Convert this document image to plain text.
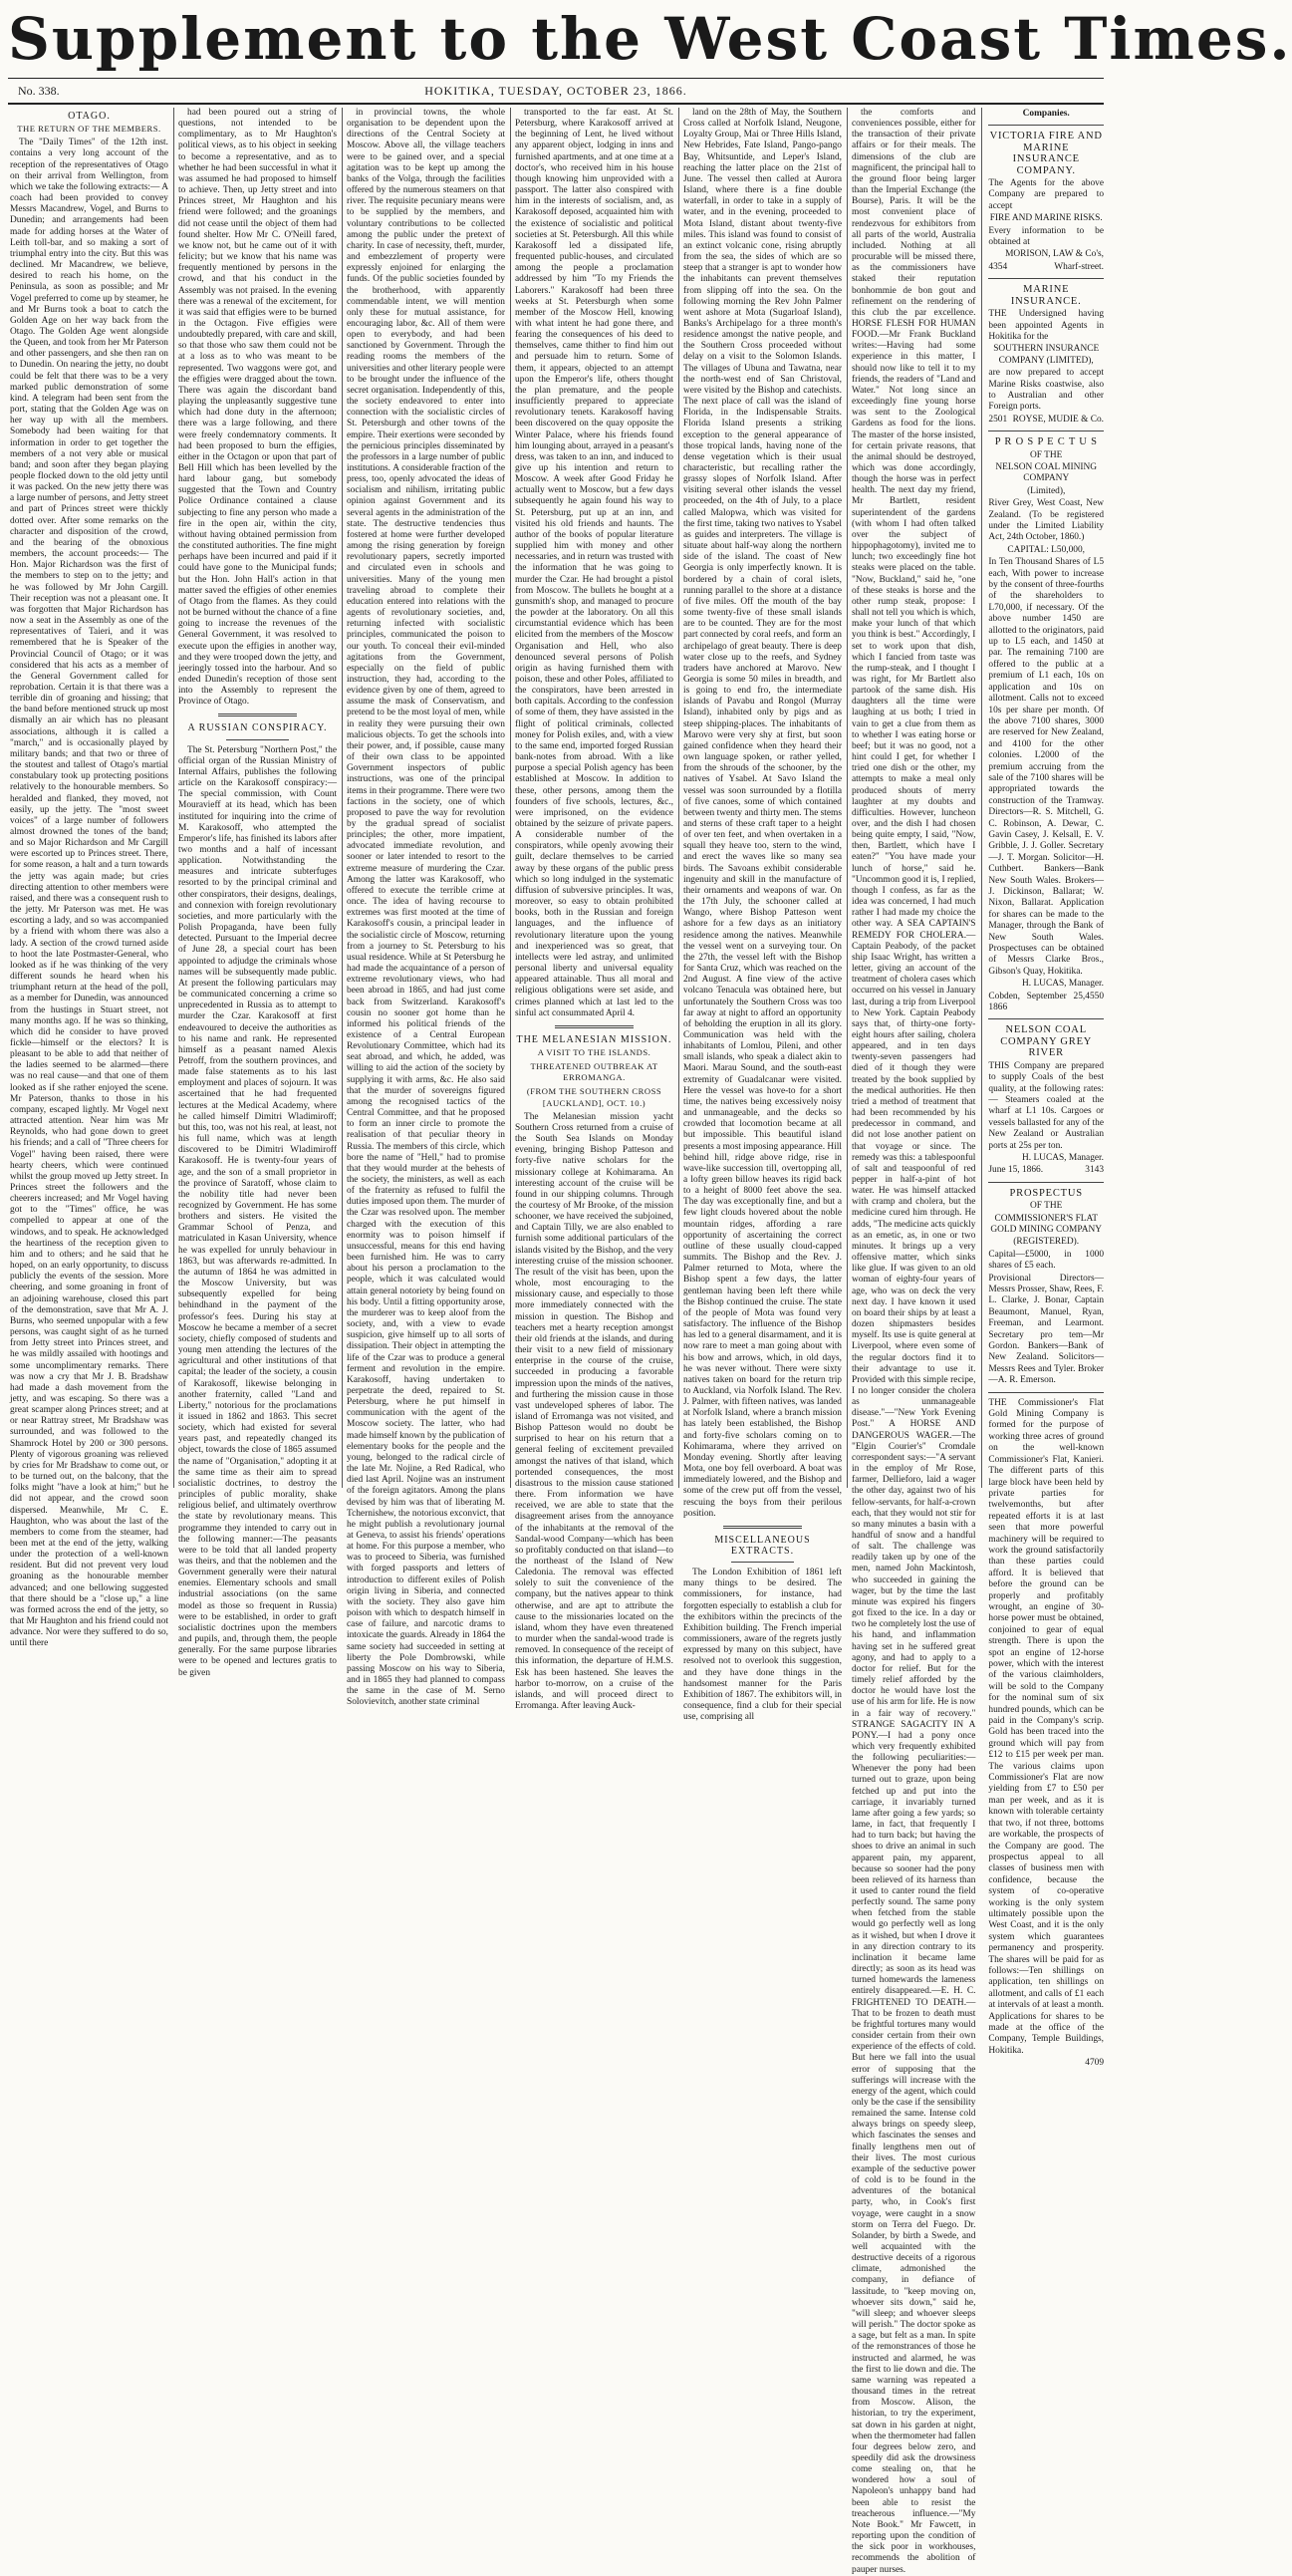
Supplement to the West Coast Times.
No. 338.	HOKITIKA, TUESDAY, OCTOBER 23, 1866.
OTAGO.
THE RETURN OF THE MEMBERS.

The "Daily Times" of the 12th inst. contains a very long account of the reception of the representatives of Otago on their arrival from Wellington, from which we take the following extracts:— A coach had been provided to convey Messrs Macandrew, Vogel, and Burns to Dunedin; and arrangements had been made for adding horses at the Water of Leith toll-bar, and so making a sort of triumphal entry into the city. But this was declined. Mr Macandrew, we believe, desired to reach his home, on the Peninsula, as soon as possible; and Mr Vogel preferred to come up by steamer, he and Mr Burns took a boat to catch the Golden Age on her way back from the Otago. The Golden Age went alongside the Queen, and took from her Mr Paterson and other passengers, and she then ran on to Dunedin. On nearing the jetty, no doubt could be felt that there was to be a very marked public demonstration of some kind. A telegram had been sent from the port, stating that the Golden Age was on her way up with all the members. Somebody had been waiting for that information in order to get together the members of a not very able or musical band; and soon after they began playing people flocked down to the old jetty until it was packed. On the new jetty there was a large number of persons, and Jetty street and part of Princes street were thickly dotted over. After some remarks on the character and disposition of the crowd, and the bearing of the obnoxious members, the account proceeds:— The Hon. Major Richardson was the first of the members to step on to the jetty; and he was followed by Mr John Cargill. Their reception was not a pleasant one. It was forgotten that Major Richardson has now a seat in the Assembly as one of the representatives of Taieri, and it was remembered that he is Speaker of the Provincial Council of Otago; or it was considered that his acts as a member of the General Government called for reprobation. Certain it is that there was a terrible din of groaning and hissing; that the band before mentioned struck up most dismally an air which has no pleasant associations, although it is called a "march," and is occasionally played by military bands; and that two or three of the stoutest and tallest of Otago's martial constabulary took up protecting positions relatively to the honourable members. So heralded and flanked, they moved, not easily, up the jetty. The "most sweet voices" of a large number of followers almost drowned the tones of the band; and so Major Richardson and Mr Cargill were escorted up to Princes street. There, for some reason, a halt and a turn towards the jetty was again made; but cries directing attention to other members were raised, and there was a consequent rush to the jetty. Mr Paterson was met. He was escorting a lady, and so was accompanied by a friend with whom there was also a lady. A section of the crowd turned aside to hoot the late Postmaster-General, who looked as if he was thinking of the very different sounds he heard when his triumphant return at the head of the poll, as a member for Dunedin, was announced from the hustings in Stuart street, not many months ago. If he was so thinking, which did he consider to have proved fickle—himself or the electors? It is pleasant to be able to add that neither of the ladies seemed to be alarmed—there was no real cause—and that one of them looked as if she rather enjoyed the scene. Mr Paterson, thanks to those in his company, escaped lightly. Mr Vogel next attracted attention. Near him was Mr Reynolds, who had gone down to greet his friends; and a call of "Three cheers for Vogel" having been raised, there were hearty cheers, which were continued whilst the group moved up Jetty street. In Princes street the followers and the cheerers increased; and Mr Vogel having got to the "Times" office, he was compelled to appear at one of the windows, and to speak. He acknowledged the heartiness of the reception given to him and to others; and he said that he hoped, on an early opportunity, to discuss publicly the events of the session. More cheering, and some groaning in front of an adjoining warehouse, closed this part of the demonstration, save that Mr A. J. Burns, who seemed unpopular with a few persons, was caught sight of as he turned from Jetty street into Princes street, and he was mildly assailed with hootings and some uncomplimentary remarks. There was now a cry that Mr J. B. Bradshaw had made a dash movement from the jetty, and was escaping. So there was a great scamper along Princes street; and at or near Rattray street, Mr Bradshaw was surrounded, and was followed to the Shamrock Hotel by 200 or 300 persons. Plenty of vigorous groaning was relieved by cries for Mr Bradshaw to come out, or to be turned out, on the balcony, that the folks might "have a look at him;" but he did not appear, and the crowd soon dispersed. Meanwhile, Mr C. E. Haughton, who was about the last of the members to come from the steamer, had been met at the end of the jetty, walking under the protection of a well-known resident. But did not prevent very loud groaning as the honourable member advanced; and one bellowing suggested that there should be a "close up," a line was formed across the end of the jetty, so that Mr Haughton and his friend could not advance. Nor were they suffered to do so, until there

had been poured out a string of questions, not intended to be complimentary, as to Mr Haughton's political views, as to his object in seeking to become a representative, and as to whether he had been successful in what it was assumed he had proposed to himself to achieve. Then, up Jetty street and into Princes street, Mr Haughton and his friend were followed; and the groanings did not cease until the object of them had found shelter. How Mr C. O'Neill fared, we know not, but he came out of it with felicity; but we know that his name was frequently mentioned by persons in the crowd, and that his conduct in the Assembly was not praised. In the evening there was a renewal of the excitement, for it was said that effigies were to be burned in the Octagon. Five effigies were undoubtedly prepared, with care and skill, so that those who saw them could not be at a loss as to who was meant to be represented. Two waggons were got, and the effigies were dragged about the town. There was again the discordant band playing the unpleasantly suggestive tune which had done duty in the afternoon; there was a large following, and there were freely condemnatory comments. It had been proposed to burn the effigies, either in the Octagon or upon that part of Bell Hill which has been levelled by the hard labour gang, but somebody suggested that the Town and Country Police Ordinance contained a clause subjecting to fine any person who made a fire in the open air, within the city, without having obtained permission from the constituted authorities. The fine might perhaps have been incurred and paid if it could have gone to the Municipal funds; but the Hon. John Hall's action in that matter saved the effigies of other enemies of Otago from the flames. As they could not be burned without the chance of a fine going to increase the revenues of the General Government, it was resolved to execute upon the effigies in another way, and they were trooped down the jetty, and jeeringly tossed into the harbour. And so ended Dunedin's reception of those sent into the Assembly to represent the Province of Otago.

A RUSSIAN CONSPIRACY.

The St. Petersburg "Northern Post," the official organ of the Russian Ministry of Internal Affairs, publishes the following article on the Karakosoff conspiracy:— The special commission, with Count Mouravieff at its head, which has been instituted for inquiring into the crime of M. Karakosoff, who attempted the Emperor's life, has finished its labors after two months and a half of incessant application. Notwithstanding the measures and intricate subterfuges resorted to by the principal criminal and other conspirators, their designs, dealings, and connexion with foreign revolutionary societies, and more particularly with the Polish Propaganda, have been fully detected. Pursuant to the Imperial decree of June 28, a special court has been appointed to adjudge the criminals whose names will be subsequently made public. At present the following particulars may be communicated concerning a crime so unprecedented in Russia as to attempt to murder the Czar. Karakosoff at first endeavoured to deceive the authorities as to his name and rank. He represented himself as a peasant named Alexis Petroff, from the southern provinces, and made false statements as to his last employment and places of sojourn. It was ascertained that he had frequented lectures at the Medical Academy, where he called himself Dimitri Wladimiroff; but this, too, was not his real, at least, not his full name, which was at length discovered to be Dimitri Wladimiroff Karakosoff. He is twenty-four years of age, and the son of a small proprietor in the province of Saratoff, whose claim to the nobility title had never been recognized by Government. He has some brothers and sisters. He visited the Grammar School of Penza, and matriculated in Kasan University, whence he was expelled for unruly behaviour in 1863, but was afterwards re-admitted. In the autumn of 1864 he was admitted in the Moscow University, but was subsequently expelled for being behindhand in the payment of the professor's fees. During his stay at Moscow he became a member of a secret society, chiefly composed of students and young men attending the lectures of the agricultural and other institutions of that capital; the leader of the society, a cousin of Karakosoff, likewise belonging in another fraternity, called "Land and Liberty," notorious for the proclamations it issued in 1862 and 1863. This secret society, which had existed for several years past, and repeatedly changed its object, towards the close of 1865 assumed the name of "Organisation," adopting it at the same time as their aim to spread socialistic doctrines, to destroy the principles of public morality, shake religious belief, and ultimately overthrow the state by revolutionary means. This programme they intended to carry out in the following manner:—The peasants were to be told that all landed property was theirs, and that the noblemen and the Government generally were their natural enemies. Elementary schools and small industrial associations (on the same model as those so frequent in Russia) were to be established, in order to graft socialistic doctrines upon the members and pupils, and, through them, the people generally. For the same purpose libraries were to be opened and lectures gratis to be given

in provincial towns, the whole organisation to be dependent upon the directions of the Central Society at Moscow. Above all, the village teachers were to be gained over, and a special agitation was to be kept up among the banks of the Volga, through the facilities offered by the numerous steamers on that river. The requisite pecuniary means were to be supplied by the members, and voluntary contributions to be collected among the public under the pretext of charity. In case of necessity, theft, murder, and embezzlement of property were expressly enjoined for enlarging the funds. Of the public societies founded by the brotherhood, with apparently commendable intent, we will mention only these for mutual assistance, for encouraging labor, &c. All of them were open to everybody, and had been sanctioned by Government. Through the reading rooms the members of the universities and other literary people were to be brought under the influence of the secret organisation. Independently of this, the society endeavored to enter into connection with the socialistic circles of St. Petersburgh and other towns of the empire. Their exertions were seconded by the pernicious principles disseminated by the professors in a large number of public institutions. A considerable fraction of the press, too, openly advocated the ideas of socialism and nihilism, irritating public opinion against Government and its several agents in the administration of the state. The destructive tendencies thus fostered at home were further developed among the rising generation by foreign revolutionary papers, secretly imported and circulated even in schools and universities. Many of the young men traveling abroad to complete their education entered into relations with the agents of revolutionary societies, and, returning infected with socialistic principles, communicated the poison to our youth. To conceal their evil-minded agitations from the Government, especially on the field of public instruction, they had, according to the evidence given by one of them, agreed to assume the mask of Conservatism, and pretend to be the most loyal of men, while in reality they were pursuing their own malicious objects. To get the schools into their power, and, if possible, cause many of their own class to be appointed Government inspectors of public instructions, was one of the principal items in their programme. There were two factions in the society, one of which proposed to pave the way for revolution by the gradual spread of socialist principles; the other, more impatient, advocated immediate revolution, and sooner or later intended to resort to the extreme measure of murdering the Czar. Among the latter was Karakosoff, who offered to execute the terrible crime at once. The idea of having recourse to extremes was first mooted at the time of Karakosoff's cousin, a principal leader in the socialistic circle of Moscow, returning from a journey to St. Petersburg to his usual residence. While at St Petersburg he had made the acquaintance of a person of extreme revolutionary views, who had been abroad in 1865, and had just come back from Switzerland. Karakosoff's cousin no sooner got home than he informed his political friends of the existence of a Central European Revolutionary Committee, which had its seat abroad, and which, he added, was willing to aid the action of the society by supplying it with arms, &c. He also said that the murder of sovereigns figured among the recognised tactics of the Central Committee, and that he proposed to form an inner circle to promote the realisation of that peculiar theory in Russia. The members of this circle, which bore the name of "Hell," had to promise that they would murder at the behests of the society, the ministers, as well as each of the fraternity as refused to fulfil the duties imposed upon them. The murder of the Czar was resolved upon. The member charged with the execution of this enormity was to poison himself if unsuccessful, means for this end having been furnished him. He was to carry about his person a proclamation to the people, which it was calculated would attain general notoriety by being found on his body. Until a fitting opportunity arose, the murderer was to keep aloof from the society, and, with a view to evade suspicion, give himself up to all sorts of dissipation. Their object in attempting the life of the Czar was to produce a general ferment and revolution in the empire. Karakosoff, having undertaken to perpetrate the deed, repaired to St. Petersburg, where he put himself in communication with the agent of the Moscow society. The latter, who had made himself known by the publication of elementary books for the people and the young, belonged to the radical circle of the late Mr. Nojine, a Red Radical, who died last April. Nojine was an instrument of the foreign agitators. Among the plans devised by him was that of liberating M. Tchernishew, the notorious exconvict, that he might publish a revolutionary journal at Geneva, to assist his friends' operations at home. For this purpose a member, who was to proceed to Siberia, was furnished with forged passports and letters of introduction to different exiles of Polish origin living in Siberia, and connected with the society. They also gave him poison with which to despatch himself in case of failure, and narcotic drams to intoxicate the guards. Already in 1864 the same society had succeeded in setting at liberty the Pole Dombrowski, while passing Moscow on his way to Siberia, and in 1865 they had planned to compass the same in the case of M. Serno Solovievitch, another state criminal

transported to the far east. At St. Petersburg, where Karakosoff arrived at the beginning of Lent, he lived without any apparent object, lodging in inns and furnished apartments, and at one time at a doctor's, who received him in his house though knowing him unprovided with a passport. The latter also conspired with him in the interests of socialism, and, as Karakosoff deposed, acquainted him with the existence of socialistic and political societies at St. Petersburgh. All this while Karakosoff led a dissipated life, frequented public-houses, and circulated among the people a proclamation addressed by him "To my Friends the Laborers." Karakosoff had been three weeks at St. Petersburgh when some member of the Moscow Hell, knowing with what intent he had gone there, and fearing the consequences of his deed to themselves, came thither to find him out and persuade him to return. Some of them, it appears, objected to an attempt upon the Emperor's life, others thought the plan premature, and the people insufficiently prepared to appreciate revolutionary tenets. Karakosoff having been discovered on the quay opposite the Winter Palace, where his friends found him lounging about, arrayed in a peasant's dress, was taken to an inn, and induced to give up his intention and return to Moscow. A week after Good Friday he actually went to Moscow, but a few days subsequently he again found his way to St. Petersburg, put up at an inn, and visited his old friends and haunts. The author of the books of popular literature supplied him with money and other necessaries, and in return was trusted with the information that he was going to murder the Czar. He had brought a pistol from Moscow. The bullets he bought at a gunsmith's shop, and managed to procure the powder at the laboratory. On all this circumstantial evidence which has been elicited from the members of the Moscow Organisation and Hell, who also denounced several persons of Polish origin as having furnished them with poison, these and other Poles, affiliated to the conspirators, have been arrested in both capitals. According to the confession of some of them, they have assisted in the flight of political criminals, collected money for Polish exiles, and, with a view to the same end, imported forged Russian bank-notes from abroad. With a like purpose a special Polish agency has been established at Moscow. In addition to these, other persons, among them the founders of five schools, lectures, &c., were imprisoned, on the evidence obtained by the seizure of private papers. A considerable number of the conspirators, while openly avowing their guilt, declare themselves to be carried away by these organs of the public press which so long indulged in the systematic diffusion of subversive principles. It was, moreover, so easy to obtain prohibited books, both in the Russian and foreign languages, and the influence of revolutionary literature upon the young and inexperienced was so great, that intellects were led astray, and unlimited personal liberty and universal equality appeared attainable. Thus all moral and religious obligations were set aside, and crimes planned which at last led to the sinful act consummated April 4.

THE MELANESIAN MISSION.
A VISIT TO THE ISLANDS.
THREATENED OUTBREAK AT ERROMANGA.
(FROM THE SOUTHERN CROSS [AUCKLAND], OCT. 10.)

The Melanesian mission yacht Southern Cross returned from a cruise of the South Sea Islands on Monday evening, bringing Bishop Patteson and forty-five native scholars for the missionary college at Kohimarama. An interesting account of the cruise will be found in our shipping columns. Through the courtesy of Mr Brooke, of the mission schooner, we have received the subjoined, and Captain Tilly, we are also enabled to furnish some additional particulars of the islands visited by the Bishop, and the very interesting cruise of the mission schooner. The result of the visit has been, upon the whole, most encouraging to the missionary cause, and especially to those more immediately connected with the mission in question. The Bishop and teachers met a hearty reception amongst their old friends at the islands, and during their visit to a new field of missionary enterprise in the course of the cruise, succeeded in producing a favorable impression upon the minds of the natives, and furthering the mission cause in those vast undeveloped spheres of labor. The island of Erromanga was not visited, and Bishop Patteson would no doubt be surprised to hear on his return that a general feeling of excitement prevailed amongst the natives of that island, which portended consequences, the most disastrous to the mission cause stationed there. From information we have received, we are able to state that the disagreement arises from the annoyance of the inhabitants at the removal of the Sandal-wood Company—which has been so profitably conducted on that island—to the northeast of the Island of New Caledonia. The removal was effected solely to suit the convenience of the company, but the natives appear to think otherwise, and are apt to attribute the cause to the missionaries located on the island, whom they have even threatened to murder when the sandal-wood trade is removed. In consequence of the receipt of this information, the departure of H.M.S. Esk has been hastened. She leaves the harbor to-morrow, on a cruise of the islands, and will proceed direct to Erromanga. After leaving Auck-

land on the 28th of May, the Southern Cross called at Norfolk Island, Neugone, Loyalty Group, Mai or Three Hills Island, New Hebrides, Fate Island, Pango-pango Bay, Whitsuntide, and Leper's Island, reaching the latter place on the 21st of June. The vessel then called at Aurora Island, where there is a fine double waterfall, in order to take in a supply of water, and in the evening, proceeded to Mota Island, distant about twenty-five miles. This island was found to consist of an extinct volcanic cone, rising abruptly from the sea, the sides of which are so steep that a stranger is apt to wonder how the inhabitants can prevent themselves from slipping off into the sea. On the following morning the Rev John Palmer went ashore at Mota (Sugarloaf Island), Banks's Archipelago for a three month's residence amongst the native people, and the Southern Cross proceeded without delay on a visit to the Solomon Islands. The villages of Ubuna and Tawatna, near the north-west end of San Christoval, were visited by the Bishop and catechists. The next place of call was the island of Florida, in the Indispensable Straits. Florida Island presents a striking exception to the general appearance of those tropical lands, having none of the dense vegetation which is their usual characteristic, but recalling rather the grassy slopes of Norfolk Island. After visiting several other islands the vessel proceeded, on the 4th of July, to a place called Malopwa, which was visited for the first time, taking two natives to Ysabel as guides and interpreters. The village is situate about half-way along the northern side of the island. The coast of New Georgia is only imperfectly known. It is bordered by a chain of coral islets, running parallel to the shore at a distance of five miles. Off the mouth of the bay some twenty-five of these small islands are to be counted. They are for the most part connected by coral reefs, and form an archipelago of great beauty. There is deep water close up to the reefs, and Sydney traders have anchored at Marovo. New Georgia is some 50 miles in breadth, and is going to end fro, the intermediate islands of Pavabu and Rongol (Murray Island), inhabited only by pigs and as steep shipping-places. The inhabitants of Marovo were very shy at first, but soon gained confidence when they heard their own language spoken, or rather yelled, from the shrouds of the schooner, by the natives of Ysabel. At Savo Island the vessel was soon surrounded by a flotilla of five canoes, some of which contained between twenty and thirty men. The stems and sterns of these craft taper to a height of over ten feet, and when overtaken in a squall they heave too, stern to the wind, and erect the waves like so many sea birds. The Savoans exhibit considerable ingenuity and skill in the manufacture of their ornaments and weapons of war. On the 17th July, the schooner called at Wango, where Bishop Patteson went ashore for a few days as an initiatory residence among the natives. Meanwhile the vessel went on a surveying tour. On the 27th, the vessel left with the Bishop for Santa Cruz, which was reached on the 2nd August. A fine view of the active volcano Tenacula was obtained here, but unfortunately the Southern Cross was too far away at night to afford an opportunity of beholding the eruption in all its glory. Communication was held with the inhabitants of Lomlou, Pileni, and other small islands, who speak a dialect akin to Maori. Marau Sound, and the south-east extremity of Guadalcanar were visited. Here the vessel was hove-to for a short time, the natives being excessively noisy and unmanageable, and the decks so crowded that locomotion became at all but impossible. This beautiful island presents a most imposing appearance. Hill behind hill, ridge above ridge, rise in wave-like succession till, overtopping all, a lofty green billow heaves its rigid back to a height of 8000 feet above the sea. The day was exceptionally fine, and but a few light clouds hovered about the noble mountain ridges, affording a rare opportunity of ascertaining the correct outline of these usually cloud-capped summits. The Bishop and the Rev. J. Palmer returned to Mota, where the Bishop spent a few days, the latter gentleman having been left there while the Bishop continued the cruise. The state of the people of Mota was found very satisfactory. The influence of the Bishop has led to a general disarmament, and it is now rare to meet a man going about with his bow and arrows, which, in old days, he was never without. There were sixty natives taken on board for the return trip to Auckland, via Norfolk Island. The Rev. J. Palmer, with fifteen natives, was landed at Norfolk Island, where a branch mission has lately been established, the Bishop and forty-five scholars coming on to Kohimarama, where they arrived on Monday evening. Shortly after leaving Mota, one boy fell overboard. A boat was immediately lowered, and the Bishop and some of the crew put off from the vessel, rescuing the boys from their perilous position.

MISCELLANEOUS EXTRACTS.

The London Exhibition of 1861 left many things to be desired. The commissioners, for instance, had forgotten especially to establish a club for the exhibitors within the precincts of the Exhibition building. The French imperial commissioners, aware of the regrets justly expressed by many on this subject, have resolved not to overlook this suggestion, and they have done things in the handsomest manner for the Paris Exhibition of 1867. The exhibitors will, in consequence, find a club for their special use, comprising all

the comforts and conveniences possible, either for the transaction of their private affairs or for their meals. The dimensions of the club are magnificent, the principal hall to the ground floor being larger than the Imperial Exchange (the Bourse), Paris. It will be the most convenient place of rendezvous for exhibitors from all parts of the world, Australia included. Nothing at all procurable will be missed there, as the commissioners have staked their reputation bonhommie de bon gout and refinement on the rendering of this club the par excellence. HORSE FLESH FOR HUMAN FOOD.—Mr Frank Buckland writes:—Having had some experience in this matter, I should now like to tell it to my friends, the readers of "Land and Water." Not long since an exceedingly fine young horse was sent to the Zoological Gardens as food for the lions. The master of the horse insisted, for certain private reasons, that the animal should be destroyed, which was done accordingly, though the horse was in perfect health. The next day my friend, Mr Bartlett, resident superintendent of the gardens (with whom I had often talked over the subject of hippophagotomy), invited me to lunch; two exceedingly fine hot steaks were placed on the table. "Now, Buckland," said he, "one of these steaks is horse and the other rump steak, propose: I shall not tell you which is which, make your lunch of that which you think is best." Accordingly, I set to work upon that dish, which I fancied from taste was the rump-steak, and I thought I was right, for Mr Bartlett also partook of the same dish. His daughters all the time were laughing at us both; I tried in vain to get a clue from them as to whether I was eating horse or beef; but it was no good, not a hint could I get, for whether I tried one dish or the other, my attempts to make a meal only produced shouts of merry laughter at my doubts and difficulties. However, luncheon over, and the dish I had chosen being quite empty, I said, "Now, then, Bartlett, which have I eaten?" "You have made your lunch of horse," said he. "Uncommon good it is, I replied, though I confess, as far as the idea was concerned, I had much rather I had made my choice the other way. A SEA CAPTAIN'S REMEDY FOR CHOLERA.—Captain Peabody, of the packet ship Isaac Wright, has written a letter, giving an account of the treatment of cholera cases which occurred on his vessel in January last, during a trip from Liverpool to New York. Captain Peabody says that, of thirty-one forty-eight hours after sailing, cholera appeared, and in ten days twenty-seven passengers had died of it though they were treated by the book supplied by the medical authorities. He then tried a method of treatment that had been recommended by his predecessor in command, and did not lose another patient on that voyage or since. The remedy was this: a tablespoonful of salt and teaspoonful of red pepper in half-a-pint of hot water. He was himself attacked with cramp and cholera, but the medicine cured him through. He adds, "The medicine acts quickly as an emetic, as, in one or two minutes. It brings up a very offensive matter, which sinks like glue. If was given to an old woman of eighty-four years of age, who was on deck the very next day. I have known it used on board their ships by at least a dozen shipmasters besides myself. Its use is quite general at Liverpool, where even some of the regular doctors find it to their advantage to use it. Provided with this simple recipe, I no longer consider the cholera as unmanageable disease."—"New York Evening Post." A HORSE AND DANGEROUS WAGER.—The "Elgin Courier's" Cromdale correspondent says:—"A servant in the employ of Mr Rose, farmer, Dellieforo, laid a wager the other day, against two of his fellow-servants, for half-a-crown each, that they would not stir for so many minutes a basin with a handful of snow and a handful of salt. The challenge was readily taken up by one of the men, named John Mackintosh, who succeeded in gaining the wager, but by the time the last minute was expired his fingers got fixed to the ice. In a day or two he completely lost the use of his hand, and inflammation having set in he suffered great agony, and had to apply to a doctor for relief. But for the timely relief afforded by the doctor he would have lost the use of his arm for life. He is now in a fair way of recovery." STRANGE SAGACITY IN A PONY.—I had a pony once which very frequently exhibited the following peculiarities:—Whenever the pony had been turned out to graze, upon being fetched up and put into the carriage, it invariably turned lame after going a few yards; so lame, in fact, that frequently I had to turn back; but having the shoes to drive an animal in such apparent pain, my apparent, because so sooner had the pony been relieved of its harness than it used to canter round the field perfectly sound. The same pony when fetched from the stable would go perfectly well as long as it wished, but when I drove it in any direction contrary to its inclination it became lame directly; as soon as its head was turned homewards the lameness entirely disappeared.—E. H. C. FRIGHTENED TO DEATH.—That to be frozen to death must be frightful tortures many would consider certain from their own experience of the effects of cold. But here we fall into the usual error of supposing that the sufferings will increase with the energy of the agent, which could only be the case if the sensibility remained the same. Intense cold always brings on speedy sleep, which fascinates the senses and finally lengthens men out of their lives. The most curious example of the seductive power of cold is to be found in the adventures of the botanical party, who, in Cook's first voyage, were caught in a snow storm on Terra del Fuego. Dr. Solander, by birth a Swede, and well acquainted with the destructive deceits of a rigorous climate, admonished the company, in defiance of lassitude, to "keep moving on, whoever sits down," said he, "will sleep; and whoever sleeps will perish." The doctor spoke as a sage, but felt as a man. In spite of the remonstrances of those he instructed and alarmed, he was the first to lie down and die. The same warning was repeated a thousand times in the retreat from Moscow. Alison, the historian, to try the experiment, sat down in his garden at night, when the thermometer had fallen four degrees below zero, and speedily did ask the drowsiness come stealing on, that he wondered how a soul of Napoleon's unhappy band had been able to resist the treacherous influence.—"My Note Book." Mr Fawcett, in reporting upon the condition of the sick poor in workhouses, recommends the abolition of pauper nurses.

Companies.
VICTORIA FIRE AND MARINE INSURANCE COMPANY.

The Agents for the above Company are prepared to accept

FIRE AND MARINE RISKS.

Every information to be obtained at

MORISON, LAW & Co's,
4354	Wharf-street.
MARINE INSURANCE.

THE Undersigned having been appointed Agents in Hokitika for the

SOUTHERN INSURANCE COMPANY (LIMITED),

are now prepared to accept Marine Risks coastwise, also to Australian and other Foreign ports.

2501 ROYSE, MUDIE & Co.
P R O S P E C T U S
OF THE
NELSON COAL MINING COMPANY
(Limited),

River Grey, West Coast, New Zealand. (To be registered under the Limited Liability Act, 24th October, 1860.)

CAPITAL: L50,000,

In Ten Thousand Shares of L5 each, With power to increase by the consent of three-fourths of the shareholders to L70,000, if necessary. Of the above number 1450 are allotted to the originators, paid up to L5 each, and 1450 at par. The remaining 7100 are offered to the public at a premium of L1 each, 10s on application and 10s on allotment. Calls not to exceed 10s per share per month. Of the above 7100 shares, 3000 are reserved for New Zealand, and 4100 for the other colonies. L2000 of the premium accruing from the sale of the 7100 shares will be appropriated towards the construction of the Tramway. Directors—R. S. Mitchell, G. C. Robinson, A. Dewar, C. Gavin Casey, J. Kelsall, E. V. Gribble, J. J. Goller. Secretary—J. T. Morgan. Solicitor—H. Cuthbert. Bankers—Bank New South Wales. Brokers—J. Dickinson, Ballarat; W. Nixon, Ballarat. Application for shares can be made to the Manager, through the Bank of New South Wales. Prospectuses can be obtained of Messrs Clarke Bros., Gibson's Quay, Hokitika.

H. LUCAS, Manager.
Cobden, September 25, 1866
4550
NELSON COAL COMPANY GREY RIVER

THIS Company are prepared to supply Coals of the best quality, at the following rates:— Steamers coaled at the wharf at L1 10s. Cargoes or vessels ballasted for any of the New Zealand or Australian ports at 25s per ton.

H. LUCAS, Manager.
June 15, 1866.	3143
PROSPECTUS
OF THE
COMMISSIONER'S FLAT GOLD MINING COMPANY
(REGISTERED).

Capital—£5000, in 1000 shares of £5 each.

Provisional Directors—Messrs Prosser, Shaw, Rees, F. L. Clarke, J. Bonar, Captain Beaumont, Manuel, Ryan, Freeman, and Learmont. Secretary pro tem—Mr Gordon. Bankers—Bank of New Zealand. Solicitors—Messrs Rees and Tyler. Broker—A. R. Emerson.

THE Commissioner's Flat Gold Mining Company is formed for the purpose of working three acres of ground on the well-known Commissioner's Flat, Kanieri. The different parts of this large block have been held by private parties for twelvemonths, but after repeated efforts it is at last seen that more powerful machinery will be required to work the ground satisfactorily than these parties could afford. It is believed that before the ground can be properly and profitably wrought, an engine of 30-horse power must be obtained, conjoined to gear of equal strength. There is upon the spot an engine of 12-horse power, which with the interest of the various claimholders, will be sold to the Company for the nominal sum of six hundred pounds, which can be paid in the Company's scrip. Gold has been traced into the ground which will pay from £12 to £15 per week per man. The various claims upon Commissioner's Flat are now yielding from £7 to £50 per man per week, and as it is known with tolerable certainty that two, if not three, bottoms are workable, the prospects of the Company are good. The prospectus appeal to all classes of business men with confidence, because the system of co-operative working is the only system ultimately possible upon the West Coast, and it is the only system which guarantees permanency and prosperity. The shares will be paid for as follows:—Ten shillings on application, ten shillings on allotment, and calls of £1 each at intervals of at least a month. Applications for shares to be made at the office of the Company, Temple Buildings, Hokitika.

4709
